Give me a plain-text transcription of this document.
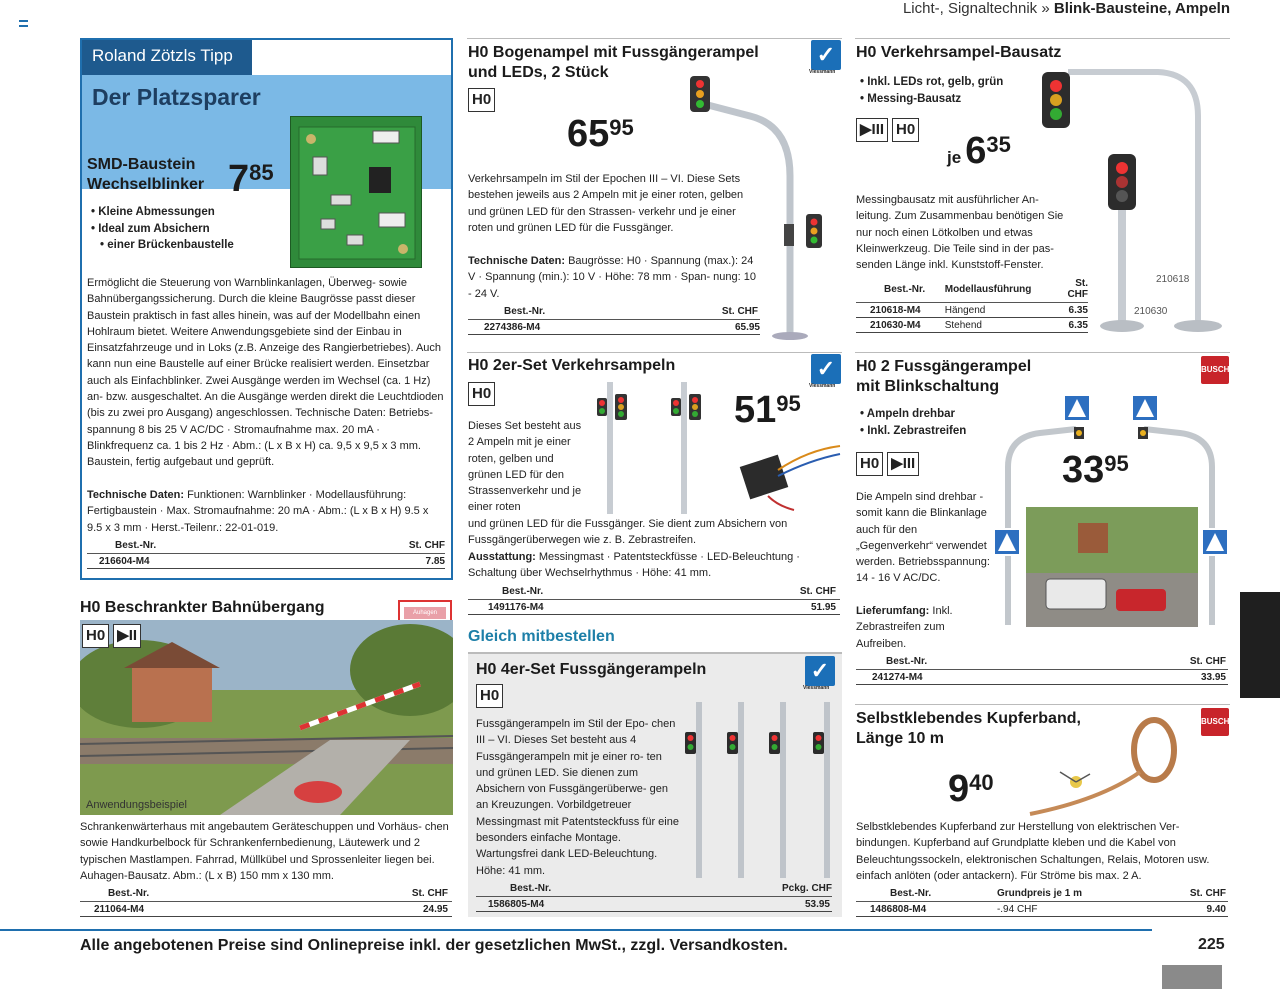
Licht-, Signaltechnik » Blink-Bausteine, Ampeln
Roland Zötzls Tipp
Der Platzsparer
SMD-Baustein
Wechselblinker $7^{85}$
• Kleine Abmessungen
• Ideal zum Absichern
• einer Brückenbaustelle
Ermöglicht die Steuerung von Warnblinkanlagen, Überweg- sowie Bahnübergangssicherung. Durch die kleine Baugrösse passt dieser Baustein praktisch in fast alles hinein, was auf der Modellbahn einen Hohlraum bietet. Weitere Anwendungsgebiete sind der Einbau in Einsatzfahrzeuge und in Loks (z.B. Anzeige des Rangierbetriebes). Auch kann nun eine Baustelle auf einer Brücke realisiert werden. Einsetzbar auch als Einfachblinker. Zwei Ausgänge werden im Wechsel (ca. 1 Hz) an- bzw. ausgeschaltet. An die Ausgänge werden direkt die Leuchtdioden (bis zu zwei pro Ausgang) angeschlossen. Technische Daten: Betriebs- spannung 8 bis 25 V AC/DC · Stromaufnahme max. 20 mA · Blinkfrequenz ca. 1 bis 2 Hz · Abm.: (L x B x H) ca. 9,5 x 9,5 x 3 mm. Baustein, fertig aufgebaut und geprüft.
Technische Daten: Funktionen: Warnblinker · Modellausführung: Fertigbaustein · Max. Stromaufnahme: 20 mA · Abm.: (L x B x H) 9.5 x 9.5 x 3 mm · Herst.-Teilenr.: 22-01-019.
Best.-Nr.	St. CHF
216604-M4	7.85
H0 Bogenampel mit Fussgängerampel
und LEDs, 2 Stück
✓
Viessmann
H0
$65^{95}$
Verkehrsampeln im Stil der Epochen III – VI. Diese Sets bestehen jeweils aus 2 Ampeln mit je einer roten, gelben und grünen LED für den Strassen- verkehr und je einer roten und grünen LED für die Fussgänger.
Technische Daten: Baugrösse: H0 · Spannung (max.): 24 V · Spannung (min.): 10 V · Höhe: 78 mm · Span- nung: 10 - 24 V.
Best.-Nr.	St. CHF
2274386-M4	65.95
H0 Verkehrsampel-Bausatz
• Inkl. LEDs rot, gelb, grün
• Messing-Bausatz
▶III H0
je $6^{35}$
210618
210630
Messingbausatz mit ausführlicher An- leitung. Zum Zusammenbau benötigen Sie nur noch einen Lötkolben und etwas Kleinwerkzeug. Die Teile sind in der pas- senden Länge inkl. Kunststoff-Fenster.
Best.-Nr.	Modellausführung	St. CHF
210618-M4	Hängend	6.35
210630-M4	Stehend	6.35
H0 2er-Set Verkehrsampeln	✓
Viessmann
H0	$51^{95}$
Dieses Set besteht aus 2 Ampeln mit je einer roten, gelben und grünen LED für den Strassenverkehr und je einer roten
und grünen LED für die Fussgänger. Sie dient zum Absichern von Fussgängerüberwegen wie z. B. Zebrastreifen.
Ausstattung: Messingmast · Patentsteckfüsse · LED-Beleuchtung · Schaltung über Wechselrhythmus · Höhe: 41 mm.
Best.-Nr.	St. CHF
1491176-M4	51.95
Gleich mitbestellen
H0 4er-Set Fussgängerampeln	✓
Viessmann
H0
Fussgängerampeln im Stil der Epo- chen III – VI. Dieses Set besteht aus 4 Fussgängerampeln mit je einer ro- ten und grünen LED. Sie dienen zum Absichern von Fussgängerüberwe- gen an Kreuzungen. Vorbildgetreuer Messingmast mit Patentsteckfuss für eine besonders einfache Montage. Wartungsfrei dank LED-Beleuchtung. Höhe: 41 mm.
Best.-Nr.	Pckg. CHF
1586805-M4	53.95
H0 2 Fussgängerampel
mit Blinkschaltung
BUSCH
• Ampeln drehbar
• Inkl. Zebrastreifen
H0 ▶III	$33^{95}$
Die Ampeln sind drehbar - somit kann die Blinkanlage auch für den „Gegenverkehr“ verwendet werden. Betriebsspannung: 14 - 16 V AC/DC.
Lieferumfang: Inkl. Zebrastreifen zum Aufreiben.
Best.-Nr.	St. CHF
241274-M4	33.95
H0 Beschrankter Bahnübergang	Auhagen
H0 ▶II
Anwendungsbeispiel
Schrankenwärterhaus mit angebautem Geräteschuppen und Vorhäus- chen sowie Handkurbelbock für Schrankenfernbedienung, Läutewerk und 2 typischen Mastlampen. Fahrrad, Müllkübel und Sprossenleiter liegen bei. Auhagen-Bausatz. Abm.: (L x B) 150 mm x 130 mm.
Best.-Nr.	St. CHF
211064-M4	24.95
Selbstklebendes Kupferband,
Länge 10 m
BUSCH
$9^{40}$
Selbstklebendes Kupferband zur Herstellung von elektrischen Ver- bindungen. Kupferband auf Grundplatte kleben und die Kabel von Beleuchtungssockeln, elektronischen Schaltungen, Relais, Motoren usw. einfach anlöten (oder antackern). Für Ströme bis max. 2 A.
Best.-Nr.	Grundpreis je 1 m	St. CHF
1486808-M4	-.94 CHF	9.40
Alle angebotenen Preise sind Onlinepreise inkl. der gesetzlichen MwSt., zzgl. Versandkosten.	225
